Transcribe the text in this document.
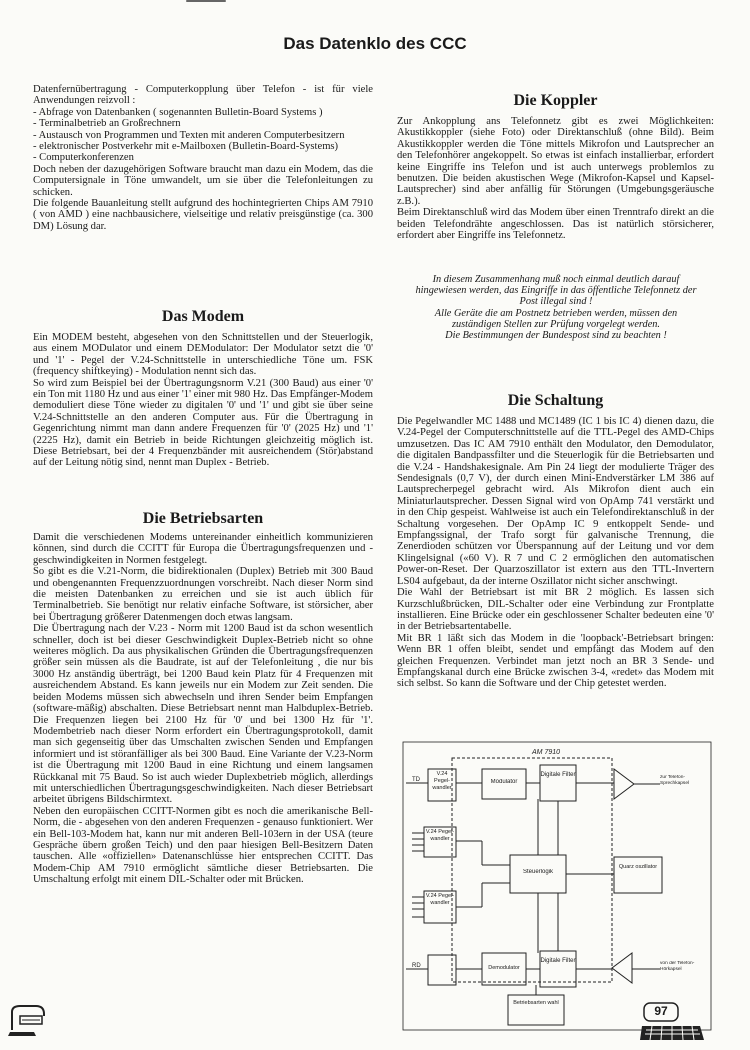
Das Datenklo des CCC

Datenfernübertragung - Computerkopplung über Telefon - ist für viele Anwendungen reizvoll :

- Abfrage von Datenbanken ( sogenannten Bulletin-Board Systems )

- Terminalbetrieb an Großrechnern

- Austausch von Programmen und Texten mit anderen Computerbesitzern

- elektronischer Postverkehr mit e-Mailboxen (Bulletin-Board-Systems)

- Computerkonferenzen

Doch neben der dazugehörigen Software braucht man dazu ein Modem, das die Computersignale in Töne umwandelt, um sie über die Telefonleitungen zu schicken.

Die folgende Bauanleitung stellt aufgrund des hochintegrierten Chips AM 7910 ( von AMD ) eine nachbausichere, vielseitige und relativ preisgünstige (ca. 300 DM) Lösung dar.

Das Modem

Ein MODEM besteht, abgesehen von den Schnittstellen und der Steuerlogik, aus einem MODulator und einem DEModulator: Der Modulator setzt die '0' und '1' - Pegel der V.24-Schnittstelle in unterschiedliche Töne um. FSK (frequency shiftkeying) - Modulation nennt sich das.

So wird zum Beispiel bei der Übertragungsnorm V.21 (300 Baud) aus einer '0' ein Ton mit 1180 Hz und aus einer '1' einer mit 980 Hz. Das Empfänger-Modem demoduliert diese Töne wieder zu digitalen '0' und '1' und gibt sie über seine V.24-Schnittstelle an den anderen Computer aus. Für die Übertragung in Gegenrichtung nimmt man dann andere Frequenzen für '0' (2025 Hz) und '1' (2225 Hz), damit ein Betrieb in beide Richtungen gleichzeitig möglich ist. Diese Betriebsart, bei der 4 Frequenzbänder mit ausreichendem (Stör)abstand auf der Leitung nötig sind, nennt man Duplex - Betrieb.

Die Betriebsarten

Damit die verschiedenen Modems untereinander einheitlich kommunizieren können, sind durch die CCITT für Europa die Übertragungsfrequenzen und -geschwindigkeiten in Normen festgelegt.

So gibt es die V.21-Norm, die bidirektionalen (Duplex) Betrieb mit 300 Baud und obengenannten Frequenzzuordnungen vorschreibt. Nach dieser Norm sind die meisten Datenbanken zu erreichen und sie ist auch üblich für Terminalbetrieb. Sie benötigt nur relativ einfache Software, ist störsicher, aber bei Übertragung größerer Datenmengen doch etwas langsam.

Die Übertragung nach der V.23 - Norm mit 1200 Baud ist da schon wesentlich schneller, doch ist bei dieser Geschwindigkeit Duplex-Betrieb nicht so ohne weiteres möglich. Da aus physikalischen Gründen die Übertragungsfrequenzen größer sein müssen als die Baudrate, ist auf der Telefonleitung , die nur bis 3000 Hz anständig überträgt, bei 1200 Baud kein Platz für 4 Frequenzen mit ausreichendem Abstand. Es kann jeweils nur ein Modem zur Zeit senden. Die beiden Modems müssen sich abwechseln und ihren Sender beim Empfangen (software-mäßig) abschalten. Diese Betriebsart nennt man Halbduplex-Betrieb. Die Frequenzen liegen bei 2100 Hz für '0' und bei 1300 Hz für '1'. Modembetrieb nach dieser Norm erfordert ein Übertragungsprotokoll, damit man sich gegenseitig über das Umschalten zwischen Senden und Empfangen informiert und ist störanfälliger als bei 300 Baud. Eine Variante der V.23-Norm ist die Übertragung mit 1200 Baud in eine Richtung und einem langsamen Rückkanal mit 75 Baud. So ist auch wieder Duplexbetrieb möglich, allerdings mit unterschiedlichen Übertragungsgeschwindigkeiten. Nach dieser Betriebsart arbeitet übrigens Bildschirmtext.

Neben den europäischen CCITT-Normen gibt es noch die amerikanische Bell- Norm, die - abgesehen von den anderen Frequenzen - genauso funktioniert. Wer ein Bell-103-Modem hat, kann nur mit anderen Bell-103ern in der USA (teure Gespräche übern großen Teich) und den paar hiesigen Bell-Besitzern Daten tauschen. Alle «offiziellen» Datenanschlüsse hier entsprechen CCITT. Das Modem-Chip AM 7910 ermöglicht sämtliche dieser Betriebsarten. Die Umschaltung erfolgt mit einem DIL-Schalter oder mit Brücken.

Die Koppler

Zur Ankopplung ans Telefonnetz gibt es zwei Möglichkeiten: Akustikkoppler (siehe Foto) oder Direktanschluß (ohne Bild). Beim Akustikkoppler werden die Töne mittels Mikrofon und Lautsprecher an den Telefonhörer angekoppelt. So etwas ist einfach installierbar, erfordert keine Eingriffe ins Telefon und ist auch unterwegs problemlos zu benutzen. Die beiden akustischen Wege (Mikrofon-Kapsel und Kapsel-Lautsprecher) sind aber anfällig für Störungen (Umgebungsgeräusche z.B.).

Beim Direktanschluß wird das Modem über einen Trenntrafo direkt an die beiden Telefondrähte angeschlossen. Das ist natürlich störsicherer, erfordert aber Eingriffe ins Telefonnetz.

In diesem Zusammenhang muß noch einmal deutlich darauf hingewiesen werden, das Eingriffe in das öffentliche Telefonnetz der Post illegal sind !

Alle Geräte die am Postnetz betrieben werden, müssen den zuständigen Stellen zur Prüfung vorgelegt werden.

Die Bestimmungen der Bundespost sind zu beachten !

Die Schaltung

Die Pegelwandler MC 1488 und MC1489 (IC 1 bis IC 4) dienen dazu, die V.24-Pegel der Computerschnittstelle auf die TTL-Pegel des AMD-Chips umzusetzen. Das IC AM 7910 enthält den Modulator, den Demodulator, die digitalen Bandpassfilter und die Steuerlogik für die Betriebsarten und die V.24 - Handshakesignale. Am Pin 24 liegt der modulierte Träger des Sendesignals (0,7 V), der durch einen Mini-Endverstärker LM 386 auf Lautsprecherpegel gebracht wird. Als Mikrofon dient auch ein Miniaturlautsprecher. Dessen Signal wird von OpAmp 741 verstärkt und in den Chip gespeist. Wahlweise ist auch ein Telefondirektanschluß in der Schaltung vorgesehen. Der OpAmp IC 9 entkoppelt Sende- und Empfangssignal, der Trafo sorgt für galvanische Trennung, die Zenerdioden schützen vor Überspannung auf der Leitung und vor dem Klingelsignal («60 V). R 7 und C 2 ermöglichen den automatischen Power-on-Reset. Der Quarzoszillator ist extern aus den TTL-Invertern LS04 aufgebaut, da der interne Oszillator nicht sicher anschwingt.

Die Wahl der Betriebsart ist mit BR 2 möglich. Es lassen sich Kurzschlußbrücken, DIL-Schalter oder eine Verbindung zur Frontplatte installieren. Eine Brücke oder ein geschlossener Schalter bedeuten eine '0' in der Betriebsartentabelle.

Mit BR 1 läßt sich das Modem in die 'loopback'-Betriebsart bringen: Wenn BR 1 offen bleibt, sendet und empfängt das Modem auf den gleichen Frequenzen. Verbindet man jetzt noch an BR 3 Sende- und Empfangskanal durch eine Brücke zwischen 3-4, «redet» das Modem mit sich selbst. So kann die Software und der Chip getestet werden.

AM 7910
TD
RD
V.24 Pegel-wandler
Modulator
Digitale Filter
Steuerlogik
Quarz oszillator
V.24 Pegel-wandler
V.24 Pegel-wandler
Demodulator
Digitale Filter
Betriebsarten wahl
zur Telefon-Sprechkapsel
von der Telefon-Hörkapsel
97
